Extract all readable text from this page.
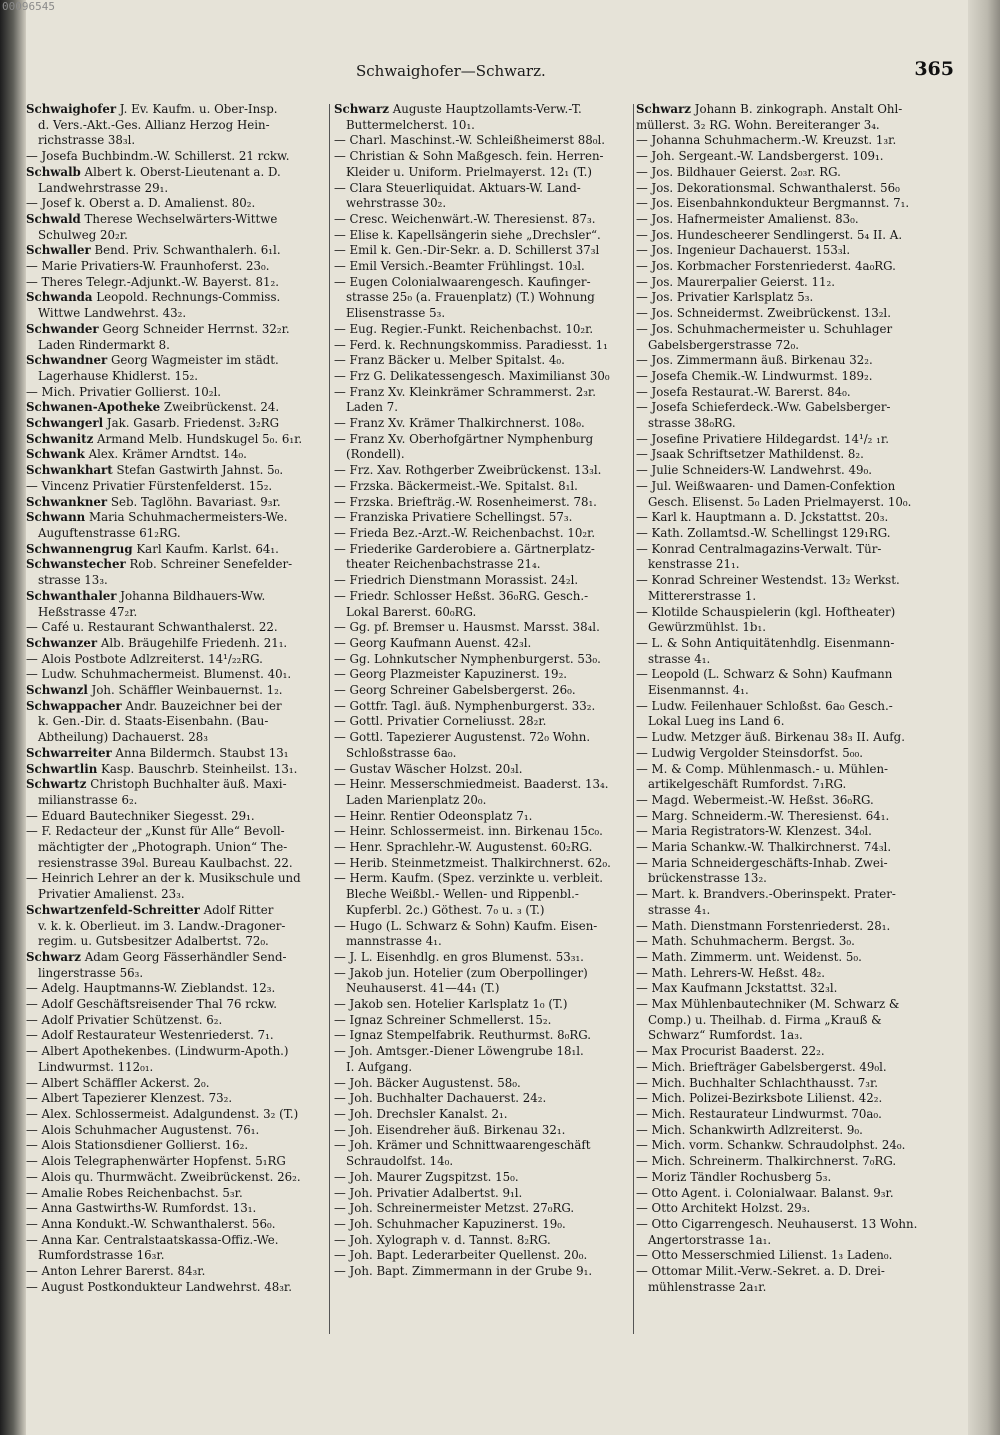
00096545
Schwaighofer—Schwarz.	365
Schwaighofer J. Ev. Kaufm. u. Ober-Insp.
d. Vers.-Akt.-Ges. Allianz Herzog Hein-
richstrasse 38₃l.
— Josefa Buchbindm.-W. Schillerst. 21 rckw.
Schwalb Albert k. Oberst-Lieutenant a. D.
Landwehrstrasse 29₁.
— Josef k. Oberst a. D. Amalienst. 80₂.
Schwald Therese Wechselwärters-Wittwe
Schulweg 20₂r.
Schwaller Bend. Priv. Schwanthalerh. 6₁l.
— Marie Privatiers-W. Fraunhoferst. 23₀.
— Theres Telegr.-Adjunkt.-W. Bayerst. 81₂.
Schwanda Leopold. Rechnungs-Commiss.
Wittwe Landwehrst. 43₂.
Schwander Georg Schneider Herrnst. 32₂r.
Laden Rindermarkt 8.
Schwandner Georg Wagmeister im städt.
Lagerhause Khidlerst. 15₂.
— Mich. Privatier Gollierst. 10₂l.
Schwanen-Apotheke Zweibrückenst. 24.
Schwangerl Jak. Gasarb. Friedenst. 3₂RG
Schwanitz Armand Melb. Hundskugel 5₀. 6₁r.
Schwank Alex. Krämer Arndtst. 14₀.
Schwankhart Stefan Gastwirth Jahnst. 5₀.
— Vincenz Privatier Fürstenfelderst. 15₂.
Schwankner Seb. Taglöhn. Bavariast. 9₃r.
Schwann Maria Schuhmachermeisters-We.
Auguftenstrasse 61₂RG.
Schwannengrug Karl Kaufm. Karlst. 64₁.
Schwanstecher Rob. Schreiner Senefelder-
strasse 13₃.
Schwanthaler Johanna Bildhauers-Ww.
Heßstrasse 47₂r.
— Café u. Restaurant Schwanthalerst. 22.
Schwanzer Alb. Bräugehilfe Friedenh. 21₁.
— Alois Postbote Adlzreiterst. 14¹/₂₂RG.
— Ludw. Schuhmachermeist. Blumenst. 40₁.
Schwanzl Joh. Schäffler Weinbauernst. 1₂.
Schwappacher Andr. Bauzeichner bei der
k. Gen.-Dir. d. Staats-Eisenbahn. (Bau-
Abtheilung) Dachauerst. 28₃
Schwarreiter Anna Bildermch. Staubst 13₁
Schwartlin Kasp. Bauschrb. Steinheilst. 13₁.
Schwartz Christoph Buchhalter äuß. Maxi-
milianstrasse 6₂.
— Eduard Bautechniker Siegesst. 29₁.
— F. Redacteur der „Kunst für Alle“ Bevoll-
mächtigter der „Photograph. Union“ The-
resienstrasse 39₀l. Bureau Kaulbachst. 22.
— Heinrich Lehrer an der k. Musikschule und
Privatier Amalienst. 23₃.
Schwartzenfeld-Schreitter Adolf Ritter
v. k. k. Oberlieut. im 3. Landw.-Dragoner-
regim. u. Gutsbesitzer Adalbertst. 72₀.
Schwarz Adam Georg Fässerhändler Send-
lingerstrasse 56₃.
— Adelg. Hauptmanns-W. Zieblandst. 12₃.
— Adolf Geschäftsreisender Thal 76 rckw.
— Adolf Privatier Schützenst. 6₂.
— Adolf Restaurateur Westenriederst. 7₁.
— Albert Apothekenbes. (Lindwurm-Apoth.)
Lindwurmst. 112₀₁.
— Albert Schäffler Ackerst. 2₀.
— Albert Tapezierer Klenzest. 73₂.
— Alex. Schlossermeist. Adalgundenst. 3₂ (T.)
— Alois Schuhmacher Augustenst. 76₁.
— Alois Stationsdiener Gollierst. 16₂.
— Alois Telegraphenwärter Hopfenst. 5₁RG
— Alois qu. Thurmwächt. Zweibrückenst. 26₂.
— Amalie Robes Reichenbachst. 5₃r.
— Anna Gastwirths-W. Rumfordst. 13₁.
— Anna Kondukt.-W. Schwanthalerst. 56₀.
— Anna Kar. Centralstaatskassa-Offiz.-We.
Rumfordstrasse 16₃r.
— Anton Lehrer Barerst. 84₃r.
— August Postkondukteur Landwehrst. 48₃r.
Schwarz Auguste Hauptzollamts-Verw.-T.
Buttermelcherst. 10₁.
— Charl. Maschinst.-W. Schleißheimerst 88₀l.
— Christian & Sohn Maßgesch. fein. Herren-
Kleider u. Uniform. Prielmayerst. 12₁ (T.)
— Clara Steuerliquidat. Aktuars-W. Land-
wehrstrasse 30₂.
— Cresc. Weichenwärt.-W. Theresienst. 87₃.
— Elise k. Kapellsängerin siehe „Drechsler“.
— Emil k. Gen.-Dir-Sekr. a. D. Schillerst 37₃l
— Emil Versich.-Beamter Frühlingst. 10₃l.
— Eugen Colonialwaarengesch. Kaufinger-
strasse 25₀ (a. Frauenplatz) (T.) Wohnung
Elisenstrasse 5₃.
— Eug. Regier.-Funkt. Reichenbachst. 10₂r.
— Ferd. k. Rechnungskommiss. Paradiesst. 1₁
— Franz Bäcker u. Melber Spitalst. 4₀.
— Frz G. Delikatessengesch. Maximilianst 30₀
— Franz Xv. Kleinkrämer Schrammerst. 2₃r.
Laden 7.
— Franz Xv. Krämer Thalkirchnerst. 108₀.
— Franz Xv. Oberhofgärtner Nymphenburg
(Rondell).
— Frz. Xav. Rothgerber Zweibrückenst. 13₃l.
— Frzska. Bäckermeist.-We. Spitalst. 8₁l.
— Frzska. Briefträg.-W. Rosenheimerst. 78₁.
— Franziska Privatiere Schellingst. 57₃.
— Frieda Bez.-Arzt.-W. Reichenbachst. 10₂r.
— Friederike Garderobiere a. Gärtnerplatz-
theater Reichenbachstrasse 21₄.
— Friedrich Dienstmann Morassist. 24₂l.
— Friedr. Schlosser Heßst. 36₀RG. Gesch.-
Lokal Barerst. 60₀RG.
— Gg. pf. Bremser u. Hausmst. Marsst. 38₄l.
— Georg Kaufmann Auenst. 42₃l.
— Gg. Lohnkutscher Nymphenburgerst. 53₀.
— Georg Plazmeister Kapuzinerst. 19₂.
— Georg Schreiner Gabelsbergerst. 26₀.
— Gottfr. Tagl. äuß. Nymphenburgerst. 33₂.
— Gottl. Privatier Corneliusst. 28₂r.
— Gottl. Tapezierer Augustenst. 72₀ Wohn.
Schloßstrasse 6a₀.
— Gustav Wäscher Holzst. 20₃l.
— Heinr. Messerschmiedmeist. Baaderst. 13₄.
Laden Marienplatz 20₀.
— Heinr. Rentier Odeonsplatz 7₁.
— Heinr. Schlossermeist. inn. Birkenau 15c₀.
— Henr. Sprachlehr.-W. Augustenst. 60₂RG.
— Herib. Steinmetzmeist. Thalkirchnerst. 62₀.
— Herm. Kaufm. (Spez. verzinkte u. verbleit.
Bleche Weißbl.- Wellen- und Rippenbl.-
Kupferbl. 2c.) Göthest. 7₀ u. ₃ (T.)
— Hugo (L. Schwarz & Sohn) Kaufm. Eisen-
mannstrasse 4₁.
— J. L. Eisenhdlg. en gros Blumenst. 53₃₁.
— Jakob jun. Hotelier (zum Oberpollinger)
Neuhauserst. 41—44₁ (T.)
— Jakob sen. Hotelier Karlsplatz 1₀ (T.)
— Ignaz Schreiner Schmellerst. 15₂.
— Ignaz Stempelfabrik. Reuthurmst. 8₀RG.
— Joh. Amtsger.-Diener Löwengrube 18₁l.
I. Aufgang.
— Joh. Bäcker Augustenst. 58₀.
— Joh. Buchhalter Dachauerst. 24₂.
— Joh. Drechsler Kanalst. 2₁.
— Joh. Eisendreher äuß. Birkenau 32₁.
— Joh. Krämer und Schnittwaarengeschäft
Schraudolfst. 14₀.
— Joh. Maurer Zugspitzst. 15₀.
— Joh. Privatier Adalbertst. 9₁l.
— Joh. Schreinermeister Metzst. 27₀RG.
— Joh. Schuhmacher Kapuzinerst. 19₀.
— Joh. Xylograph v. d. Tannst. 8₂RG.
— Joh. Bapt. Lederarbeiter Quellenst. 20₀.
— Joh. Bapt. Zimmermann in der Grube 9₁.
Schwarz Johann B. zinkograph. Anstalt Ohl-
müllerst. 3₂ RG. Wohn. Bereiteranger 3₄.
— Johanna Schuhmacherm.-W. Kreuzst. 1₃r.
— Joh. Sergeant.-W. Landsbergerst. 109₁.
— Jos. Bildhauer Geierst. 2₀₃r. RG.
— Jos. Dekorationsmal. Schwanthalerst. 56₀
— Jos. Eisenbahnkondukteur Bergmannst. 7₁.
— Jos. Hafnermeister Amalienst. 83₀.
— Jos. Hundescheerer Sendlingerst. 5₄ II. A.
— Jos. Ingenieur Dachauerst. 153₃l.
— Jos. Korbmacher Forstenriederst. 4a₀RG.
— Jos. Maurerpalier Geierst. 11₂.
— Jos. Privatier Karlsplatz 5₃.
— Jos. Schneidermst. Zweibrückenst. 13₂l.
— Jos. Schuhmachermeister u. Schuhlager
Gabelsbergerstrasse 72₀.
— Jos. Zimmermann äuß. Birkenau 32₂.
— Josefa Chemik.-W. Lindwurmst. 189₂.
— Josefa Restaurat.-W. Barerst. 84₀.
— Josefa Schieferdeck.-Ww. Gabelsberger-
strasse 38₀RG.
— Josefine Privatiere Hildegardst. 14¹/₂ ₁r.
— Jsaak Schriftsetzer Mathildenst. 8₂.
— Julie Schneiders-W. Landwehrst. 49₀.
— Jul. Weißwaaren- und Damen-Confektion
Gesch. Elisenst. 5₀ Laden Prielmayerst. 10₀.
— Karl k. Hauptmann a. D. Jckstattst. 20₃.
— Kath. Zollamtsd.-W. Schellingst 129₁RG.
— Konrad Centralmagazins-Verwalt. Tür-
kenstrasse 21₁.
— Konrad Schreiner Westendst. 13₂ Werkst.
Mittererstrasse 1.
— Klotilde Schauspielerin (kgl. Hoftheater)
Gewürzmühlst. 1b₁.
— L. & Sohn Antiquitätenhdlg. Eisenmann-
strasse 4₁.
— Leopold (L. Schwarz & Sohn) Kaufmann
Eisenmannst. 4₁.
— Ludw. Feilenhauer Schloßst. 6a₀ Gesch.-
Lokal Lueg ins Land 6.
— Ludw. Metzger äuß. Birkenau 38₃ II. Aufg.
— Ludwig Vergolder Steinsdorfst. 5₀₀.
— M. & Comp. Mühlenmasch.- u. Mühlen-
artikelgeschäft Rumfordst. 7₁RG.
— Magd. Webermeist.-W. Heßst. 36₀RG.
— Marg. Schneiderm.-W. Theresienst. 64₁.
— Maria Registrators-W. Klenzest. 34₀l.
— Maria Schankw.-W. Thalkirchnerst. 74₃l.
— Maria Schneidergeschäfts-Inhab. Zwei-
brückenstrasse 13₂.
— Mart. k. Brandvers.-Oberinspekt. Prater-
strasse 4₁.
— Math. Dienstmann Forstenriederst. 28₁.
— Math. Schuhmacherm. Bergst. 3₀.
— Math. Zimmerm. unt. Weidenst. 5₀.
— Math. Lehrers-W. Heßst. 48₂.
— Max Kaufmann Jckstattst. 32₃l.
— Max Mühlenbautechniker (M. Schwarz &
Comp.) u. Theilhab. d. Firma „Krauß &
Schwarz“ Rumfordst. 1a₃.
— Max Procurist Baaderst. 22₂.
— Mich. Briefträger Gabelsbergerst. 49₀l.
— Mich. Buchhalter Schlachthausst. 7₃r.
— Mich. Polizei-Bezirksbote Lilienst. 42₂.
— Mich. Restaurateur Lindwurmst. 70a₀.
— Mich. Schankwirth Adlzreiterst. 9₀.
— Mich. vorm. Schankw. Schraudolphst. 24₀.
— Mich. Schreinerm. Thalkirchnerst. 7₀RG.
— Moriz Tändler Rochusberg 5₃.
— Otto Agent. i. Colonialwaar. Balanst. 9₃r.
— Otto Architekt Holzst. 29₃.
— Otto Cigarrengesch. Neuhauserst. 13 Wohn.
Angertorstrasse 1a₁.
— Otto Messerschmied Lilienst. 1₃ Laden₀.
— Ottomar Milit.-Verw.-Sekret. a. D. Drei-
mühlenstrasse 2a₁r.
